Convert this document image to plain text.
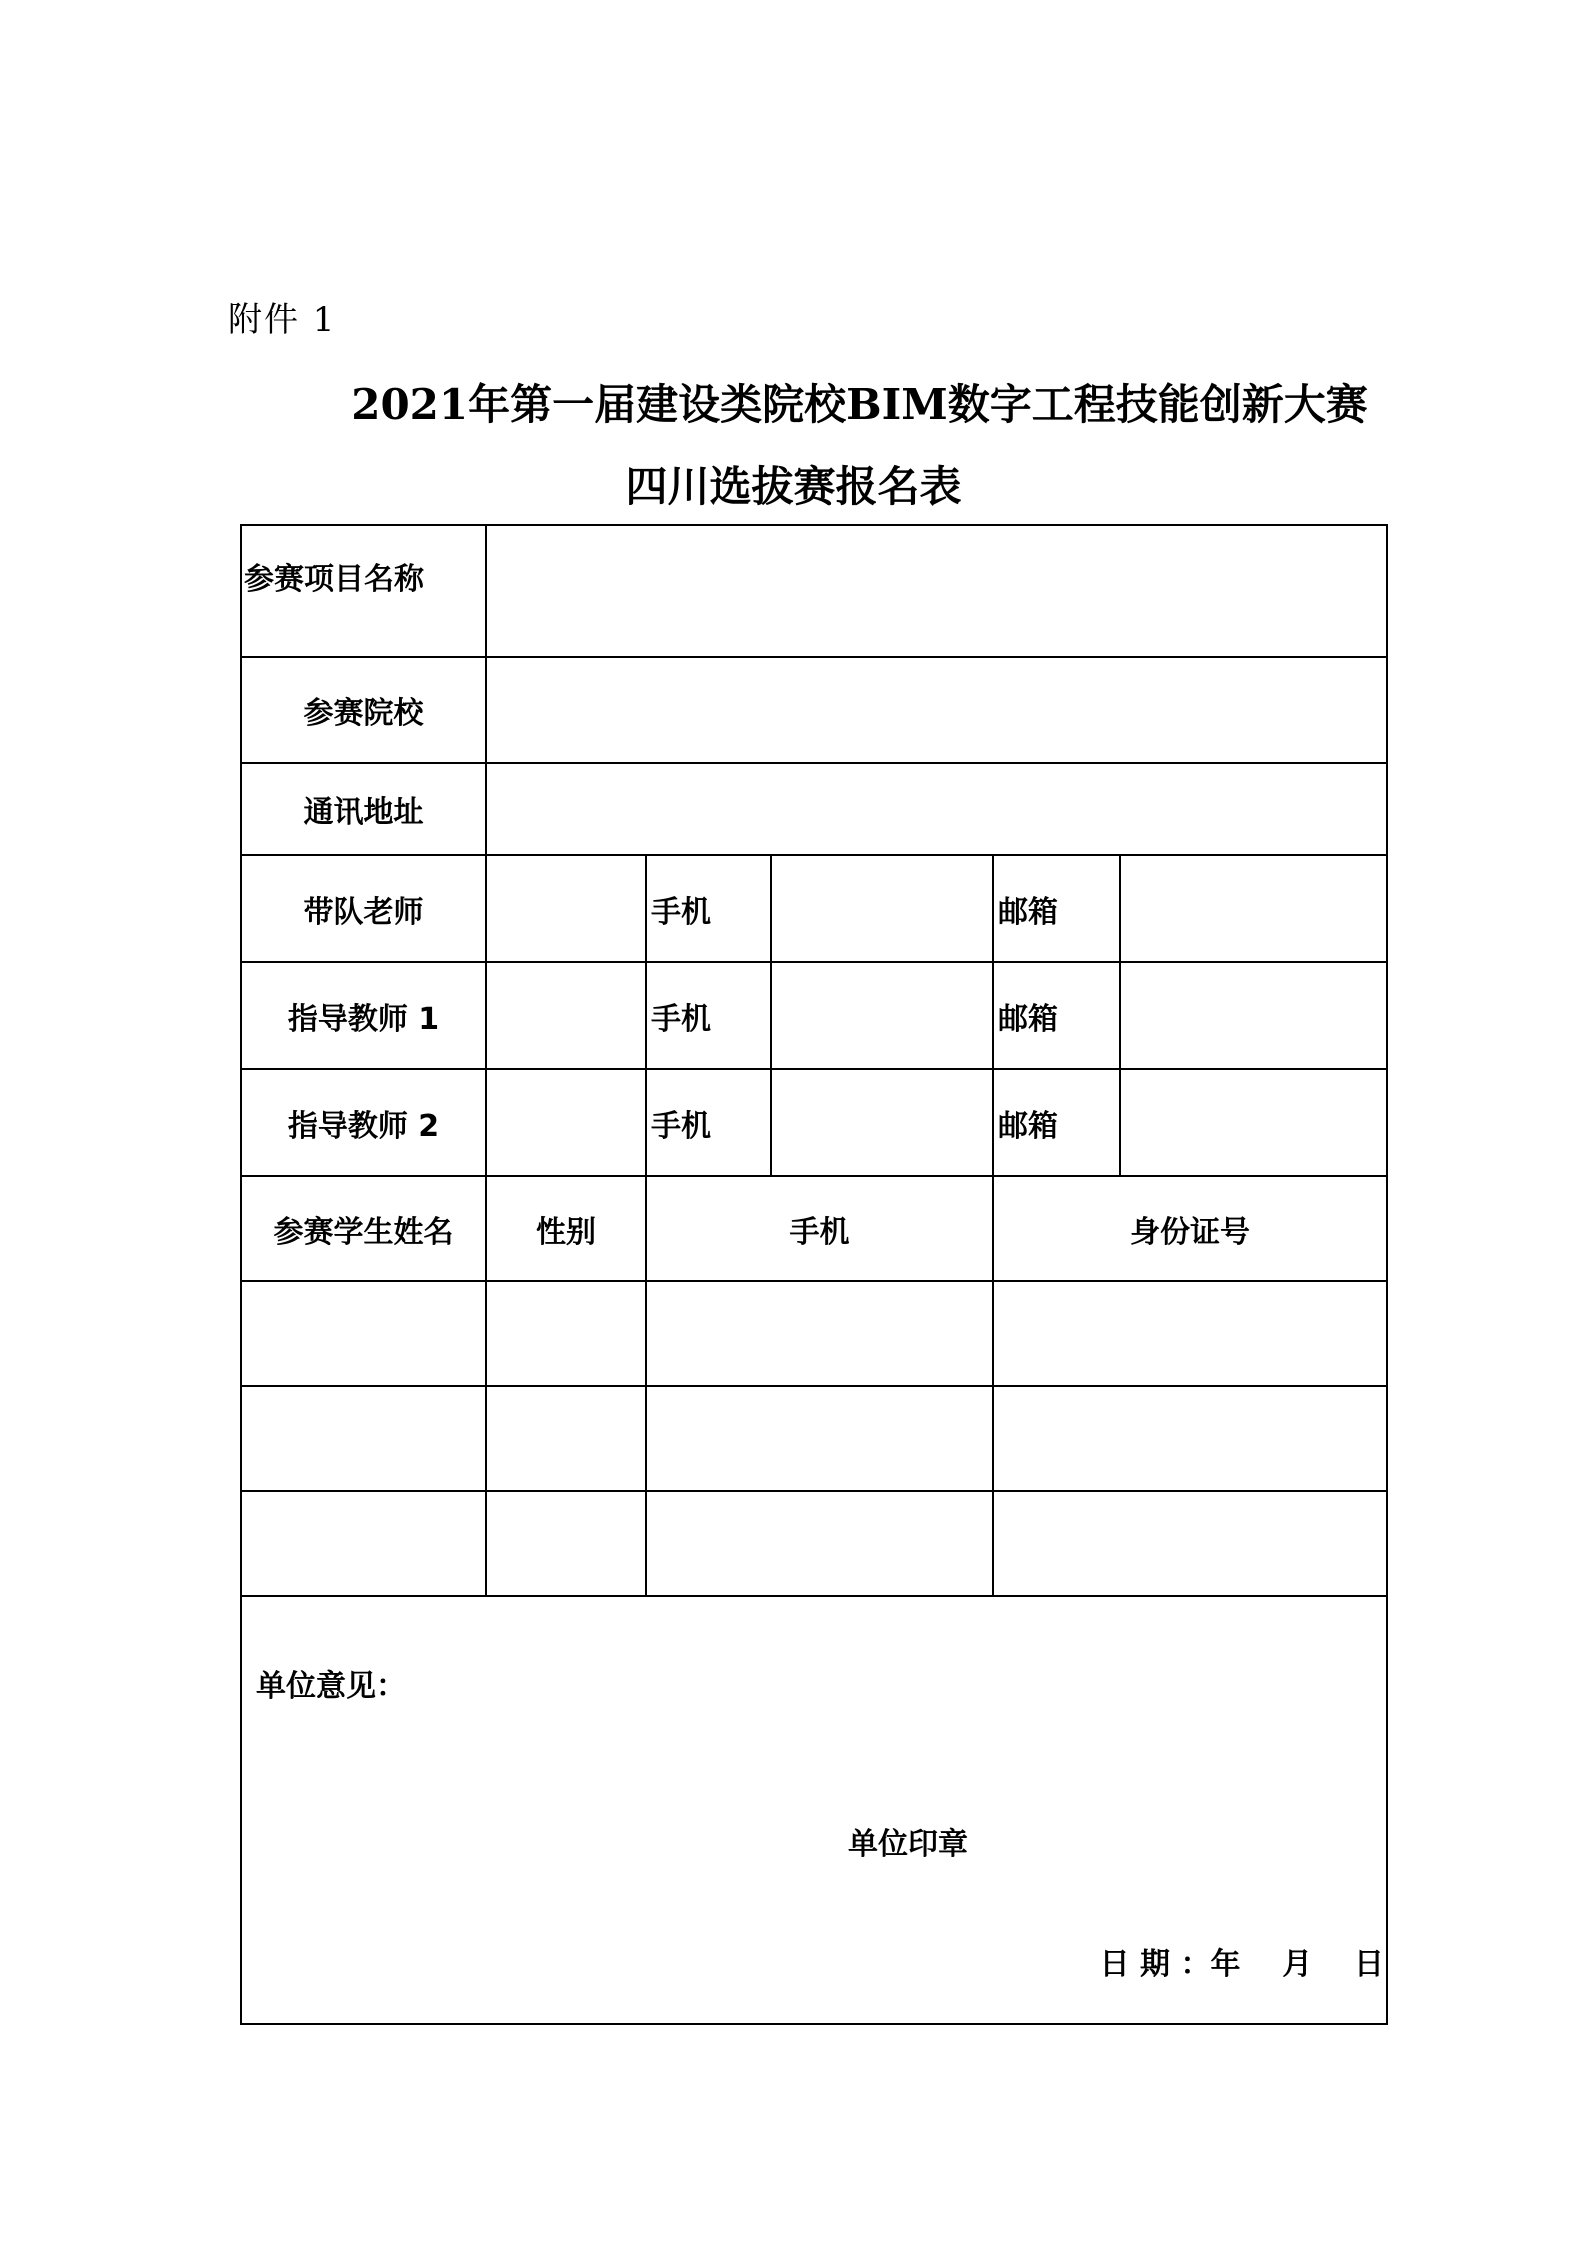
附件 1
2021年第一届建设类院校BIM数字工程技能创新大赛
四川选拔赛报名表
参赛项目名称					
参赛院校					
通讯地址					
带队老师		手机		邮箱	
指导教师 1		手机		邮箱	
指导教师 2		手机		邮箱	
参赛学生姓名	性别	手机		身份证号	

单位意见：
单位印章
日 期 ：年    月    日					
